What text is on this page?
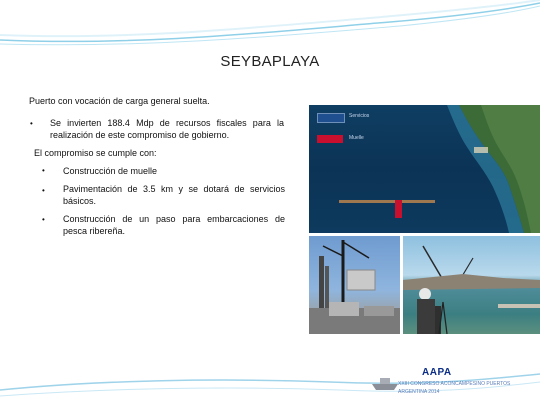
SEYBAPLAYA
Puerto con vocación de carga general suelta.
• Se invierten 188.4 Mdp de recursos fiscales para la realización de este compromiso de gobierno.
El compromiso se cumple con:
• Construcción de muelle
• Pavimentación de 3.5 km y se dotará de servicios básicos.
• Construcción de un paso para embarcaciones de pesca ribereña.
Servicios
Muelle
AAPA
XXIII CONGRESO ACONCAMPESINO PUERTOS
ARGENTINA 2014
